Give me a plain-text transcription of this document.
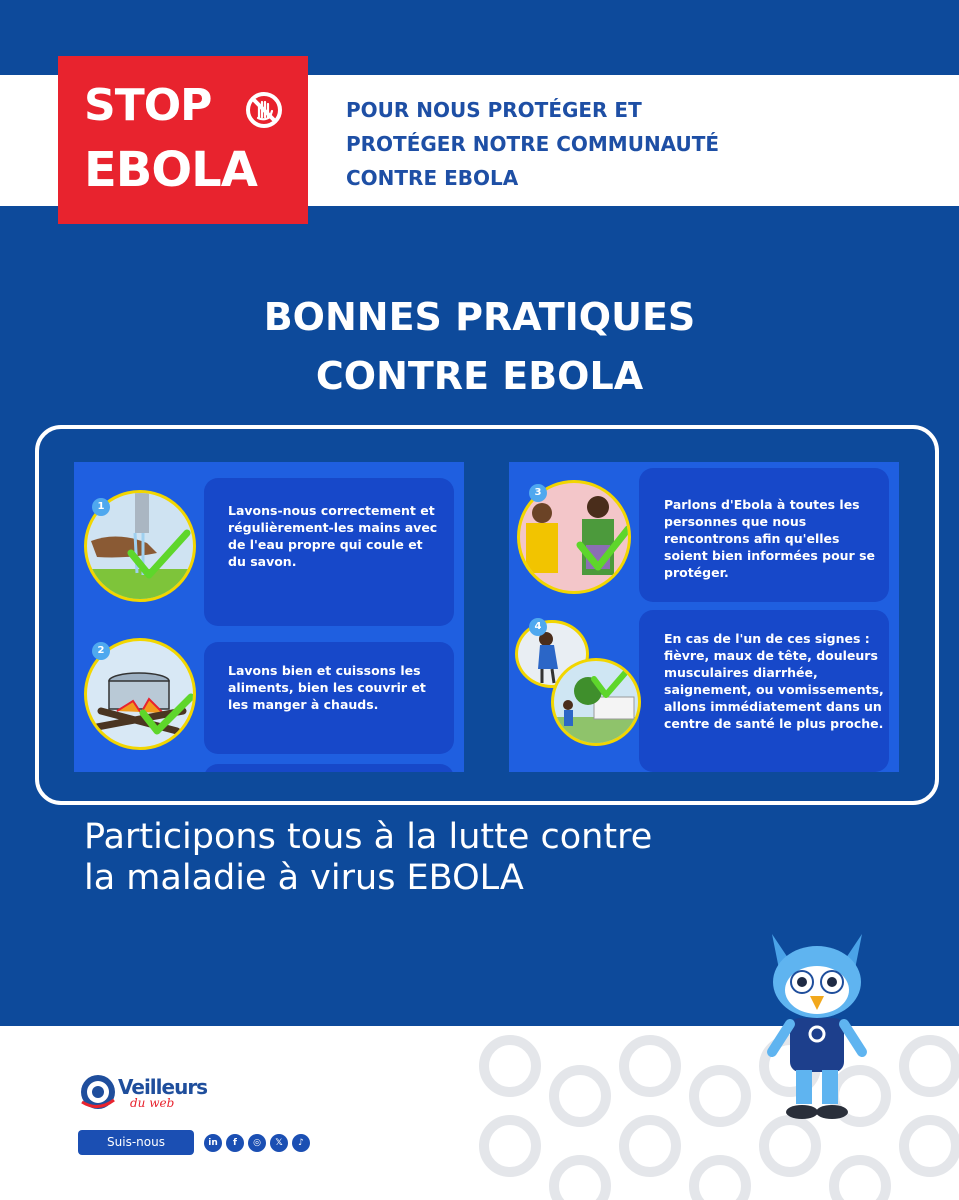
STOP
EBOLA
POUR NOUS PROTÉGER ET
PROTÉGER NOTRE COMMUNAUTÉ
CONTRE EBOLA
BONNES PRATIQUES
CONTRE EBOLA
Lavons-nous correctement et régulièrement-les mains avec de l'eau propre qui coule et du savon.
1
Lavons bien et cuissons les aliments, bien les couvrir et les manger à chauds.
2
Parlons d'Ebola à toutes les personnes que nous rencontrons afin qu'elles soient bien informées pour se protéger.
3
En cas de l'un de ces signes : fièvre, maux de tête, douleurs musculaires diarrhée, saignement, ou vomissements, allons immédiatement dans un centre de santé le plus proche.
4
Participons tous à la lutte contre
la maladie à virus EBOLA
Veilleurs
du web
Suis-nous	in	f	◎	𝕏	♪
